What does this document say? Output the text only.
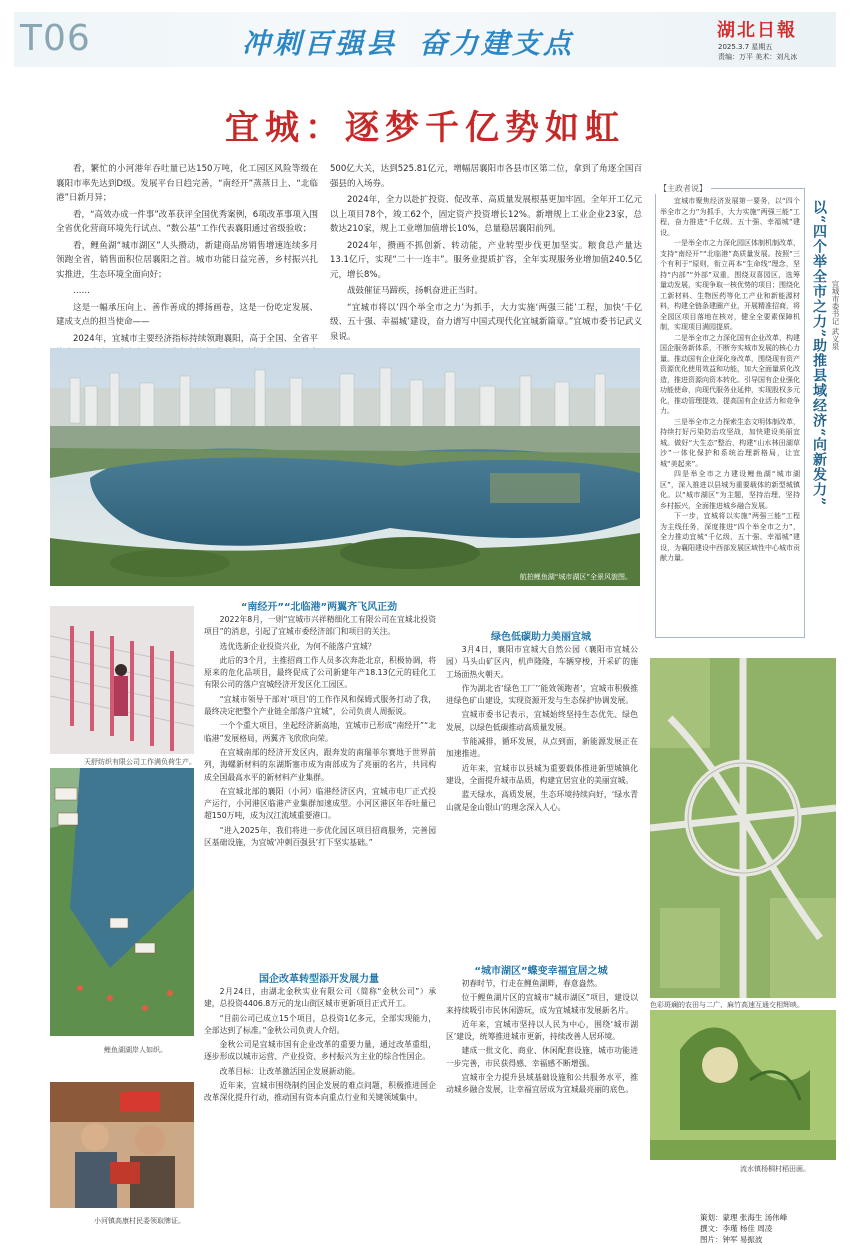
T06	冲刺百强县 奋力建支点	湖北日報
2025.3.7 星期五
责编：万平 美术：刘凡冰
宜城：逐梦千亿势如虹

看，繁忙的小河港年吞吐量已达150万吨，化工园区风险等级在襄阳市率先达到D级。发展平台日趋完善，“南经开”蒸蒸日上、“北临港”日新月异；

看，“高效办成一件事”改革获评全国优秀案例，6项改革事项入围全省优化营商环境先行试点、“数公基”工作代表襄阳通过省级验收；

看，鲤鱼湖“城市湖区”人头攒动，新建商品房销售增速连续多月领跑全省，销售面积位居襄阳之首。城市功能日益完善，乡村振兴扎实推进，生态环境全面向好；

……

这是一幅承压向上、善作善成的搏扬画卷，这是一份吃定发展、建成支点的担当使命——

2024年，宜城市主要经济指标持续领跑襄阳，高于全国、全省平

500亿大关，达到525.81亿元，增幅居襄阳市各县市区第二位，拿到了角逐全国百强县的入场券。

2024年，全力以赴扩投资、促改革、高质量发展根基更加牢固。全年开工亿元以上项目78个，竣工62个，固定资产投资增长12%。新增规上工业企业23家，总数达210家，规上工业增加值增长10%，总量稳居襄阳前列。

2024年，攒画不抓创新、转动能，产业转型步伐更加坚实。粮食总产量达13.1亿斤，实现“二十一连丰”。服务业提质扩容，全年实现服务业增加值240.5亿元，增长8%。

战鼓催征马蹄疾，扬帆奋进正当时。

“宜城市将以‘四个举全市之力’为抓手，大力实施‘两强三能’工程，加快‘千亿级、五十强、幸福城’建设，奋力谱写中国式现代化宜城新篇章。”宜城市委书记武义泉说。

【主政者说】

宜城市聚焦经济发展第一要务，以“四个举全市之力”为抓手，大力实施“两强三能”工程，奋力推进“千亿级、五十强、幸福城”建设。

一是举全市之力深化园区体制机制改革，支持“南经开”“北临港”高质量发展。按照“三个有利于”原则，衔立再本“生命线”理念，坚持“内部”“外部”双重，围绕双喜园区，选筹量动发展，实现争取一核优势的项目；围绕化工新材料、生物医药等化工产业和新能源材料，构建全链条建圈产业，开展精准招商，将全园区项目落地在核对，健全全要素保障机制，实现项目满园提质。

二是举全市之力深化国有企业改革，构建国企服务新体系，不断夯实城市发展的核心力量。推动国有企业深化身改革，围绕现有资产资源优化使用效益和功能，加大全面量质化改造，推进资源向资本转化。引导国有企业强化功能使命，向现代服务业延伸，实现股权多元化，推动管理提效，提高国有企业活力和竞争力。

三是举全市之力探索生态文明体制改革，持续打好污染防治攻坚战，加快建设美丽宜城。做好“大生态”整治，构建“山水林田湖草沙”一体化保护和系统治理新格局，让宜城“美起来”。

四是举全市之力建设鲤鱼湖“城市湖区”，深入推进以县城为重要载体的新型城镇化。以“城市湖区”为主题，坚持治理、坚持乡村振兴，全面推进城乡融合发展。

下一步，宜城将以实施“两强三能”工程为主线任务，深度推进“四个举全市之力”，全力推动宜城“千亿级、五十强、幸福城”建设，为襄阳建设中西部发展区域性中心城市贡献力量。

以“四个举全市之力”助推县域经济“向新发力” 宜城市委书记 武义泉
航拍鲤鱼湖“城市湖区”全景风貌图。
天舒纺织有限公司工作满负荷生产。
鲤鱼湖湖岸人如织。
小河镇高康村民委领取牌证。
“南经开”“北临港”两翼齐飞风正劲

2022年8月，一则“宜城市兴祥精细化工有限公司在宜城北投资项目”的消息，引起了宜城市委经济部门和项目的关注。

选优选新企业投资兴业，为何不能落户宜城？

此后的3个月，主推招商工作人员多次奔赴北京，积极协调，将原来的危化品项目，最终促成了公司新建年产18.13亿元的硅化工有限公司的落户宜城经济开发区化工园区。

“宜城市领导干部对‘项目’的工作作风和保姆式服务打动了我，最终决定把整个产业链全部落户宜城”，公司负责人周振说。

一个个重大项目，坐起经济新高地，宜城市已形成“南经开”“北临港”发展格局，两翼齐飞欣欣向荣。

在宜城南部的经济开发区内，跟奔发的南瑞菲尔赛地于世界前列，海螺新材料的东湖斯塞市成为南部成为了亮丽的名片，共同构成全国最高水平的新材料产业集群。

在宜城北部的襄阳（小河）临港经济区内，宜城市电厂正式投产运行，小河港区临港产业集群加速成型。小河区港区年吞吐量已超150万吨，成为汉江流域重要港口。

“进入2025年，我们将进一步优化园区项目招商服务，完善园区基础设施，为宜城‘冲刺百强县’打下坚实基础。”

国企改革转型添开发展力量

2月24日，由湖北金秋实业有限公司（简称“金秋公司”）承建，总投资4406.8万元的龙山街区城市更新项目正式开工。

“目前公司已成立15个项目，总投资1亿多元，全部实现能力，全部达到了标准。”金秋公司负责人介绍。

金秋公司是宜城市国有企业改革的重要力量，通过改革重组，逐步形成以城市运营、产业投资、乡村振兴为主业的综合性国企。

改革目标：让改革激活国企发展新动能。

近年来，宜城市围绕制约国企发展的难点问题，积极推进国企改革深化提升行动，推动国有资本向重点行业和关键领域集中。

绿色低碳助力美丽宜城

3月4日，襄阳市宜城大自然公园（襄阳市宜城公园）马头山矿区内，机声隆隆，车辆穿梭，开采矿的施工场面热火朝天。

作为湖北省‘绿色工厂’‘能效领跑者’，宜城市积极推进绿色矿山建设，实现资源开发与生态保护协调发展。

宜城市委书记表示，宜城始终坚持生态优先、绿色发展，以绿色低碳推动高质量发展。

节能减排，循环发展，从点到面，新能源发展正在加速推进。

近年来，宜城市以县城为重要载体推进新型城镇化建设，全面提升城市品质，构建宜居宜业的美丽宜城。

蓝天绿水，高质发展，生态环境持续向好，‘绿水青山就是金山银山’的理念深入人心。

“城市湖区”蝶变幸福宜居之城

初春时节，行走在鲤鱼湖畔，春意盎然。

位于鲤鱼湖片区的宜城市“城市湖区”项目，建设以来持续吸引市民休闲游玩，成为宜城城市发展新名片。

近年来，宜城市坚持以人民为中心，围绕‘城市湖区’建设，统筹推进城市更新，持续改善人居环境。

建成一批文化、商业、休闲配套设施，城市功能进一步完善，市民获得感、幸福感不断增强。

宜城市全力提升县域基础设施和公共服务水平，推动城乡融合发展，让幸福宜居成为宜城最亮丽的底色。

色彩斑斓的农田与二广、麻竹高速互通交相辉映。
流水镇杨桐村稻田画。
策划：蒙理 张海生 汤伟峰
撰文：李瑾 杨佳 周凌
图片：钟军 易振波
